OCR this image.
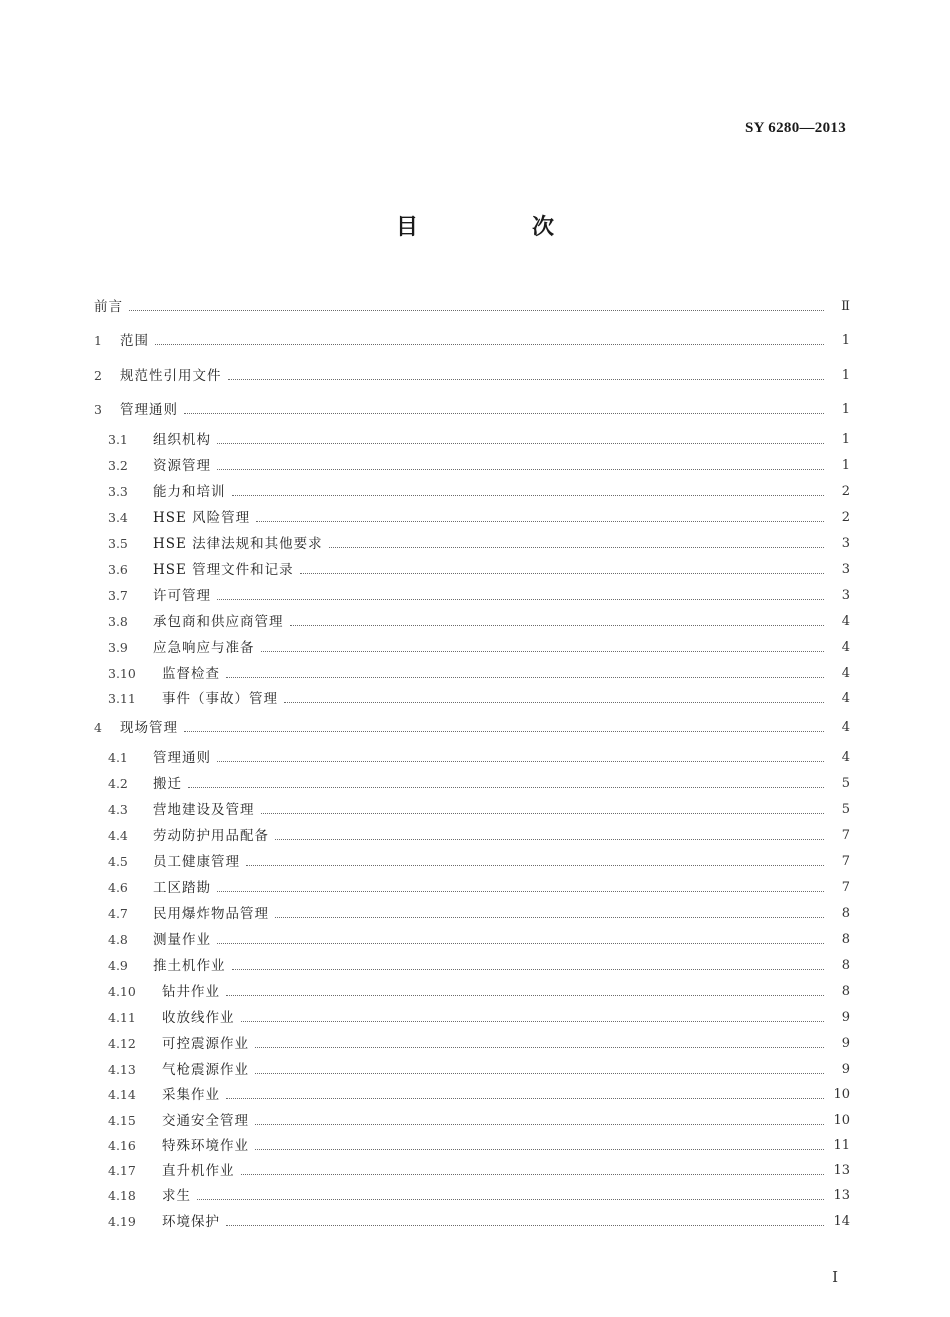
SY 6280—2013
目　次
前言	Ⅱ
1 范围	1
2 规范性引用文件	1
3 管理通则	1
3.1 组织机构	1
3.2 资源管理	1
3.3 能力和培训	2
3.4 HSE 风险管理	2
3.5 HSE 法律法规和其他要求	3
3.6 HSE 管理文件和记录	3
3.7 许可管理	3
3.8 承包商和供应商管理	4
3.9 应急响应与准备	4
3.10 监督检查	4
3.11 事件（事故）管理	4
4 现场管理	4
4.1 管理通则	4
4.2 搬迁	5
4.3 营地建设及管理	5
4.4 劳动防护用品配备	7
4.5 员工健康管理	7
4.6 工区踏勘	7
4.7 民用爆炸物品管理	8
4.8 测量作业	8
4.9 推土机作业	8
4.10 钻井作业	8
4.11 收放线作业	9
4.12 可控震源作业	9
4.13 气枪震源作业	9
4.14 采集作业	10
4.15 交通安全管理	10
4.16 特殊环境作业	11
4.17 直升机作业	13
4.18 求生	13
4.19 环境保护	14
I
